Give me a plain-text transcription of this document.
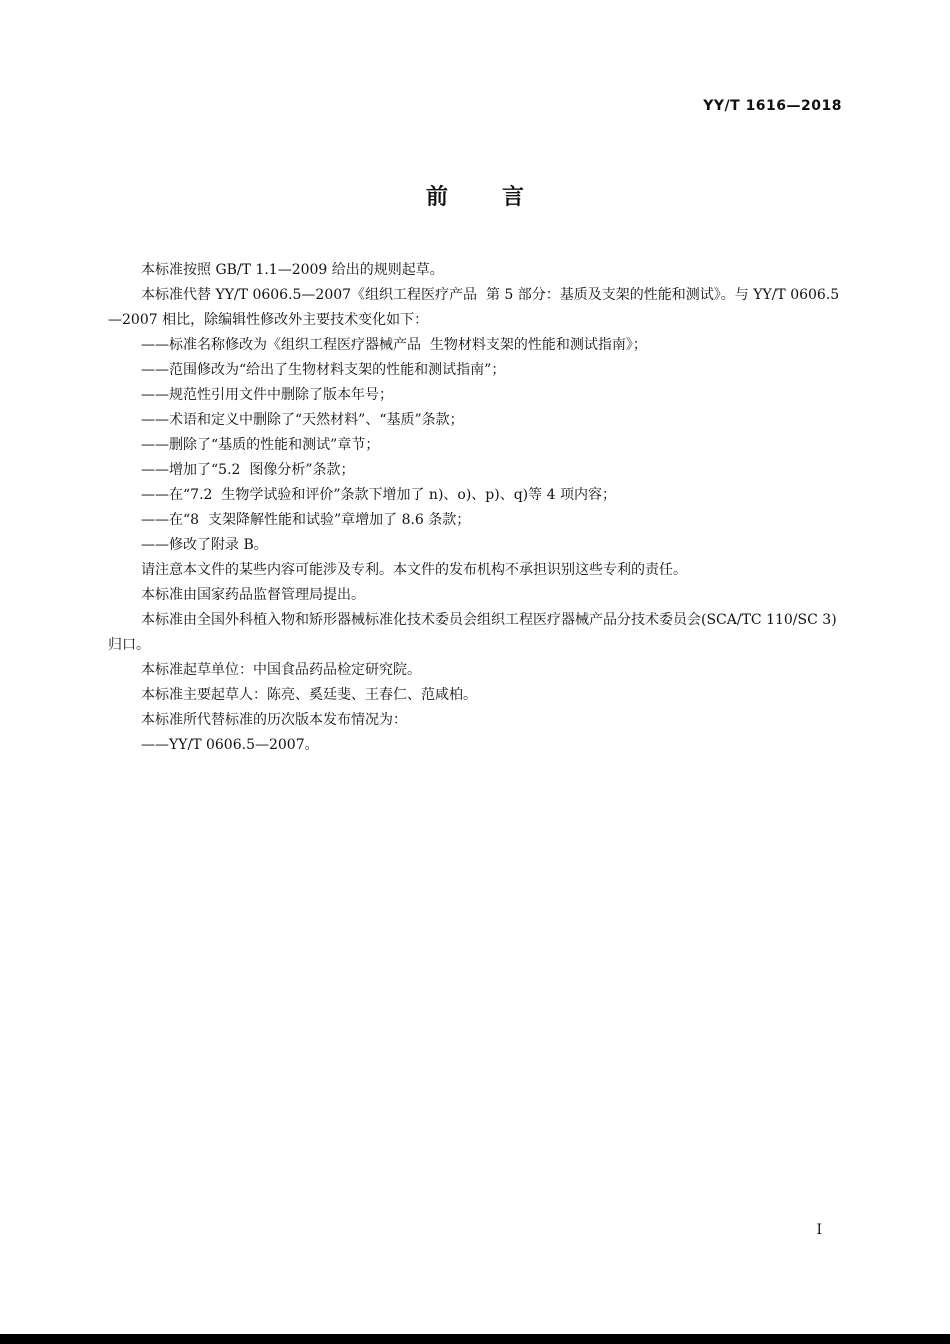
YY/T 1616—2018
前言

本标准按照 GB/T 1.1—2009 给出的规则起草。

本标准代替 YY/T 0606.5—2007《组织工程医疗产品  第 5 部分：基质及支架的性能和测试》。与 YY/T 0606.5—2007 相比，除编辑性修改外主要技术变化如下：

——标准名称修改为《组织工程医疗器械产品  生物材料支架的性能和测试指南》；

——范围修改为“给出了生物材料支架的性能和测试指南”；

——规范性引用文件中删除了版本年号；

——术语和定义中删除了“天然材料”、“基质”条款；

——删除了“基质的性能和测试”章节；

——增加了“5.2  图像分析”条款；

——在“7.2  生物学试验和评价”条款下增加了 n)、o)、p)、q)等 4 项内容；

——在“8  支架降解性能和试验”章增加了 8.6 条款；

——修改了附录 B。

请注意本文件的某些内容可能涉及专利。本文件的发布机构不承担识别这些专利的责任。

本标准由国家药品监督管理局提出。

本标准由全国外科植入物和矫形器械标准化技术委员会组织工程医疗器械产品分技术委员会(SCA/TC 110/SC 3)归口。

本标准起草单位：中国食品药品检定研究院。

本标准主要起草人：陈亮、奚廷斐、王春仁、范咸柏。

本标准所代替标准的历次版本发布情况为：

——YY/T 0606.5—2007。

I
